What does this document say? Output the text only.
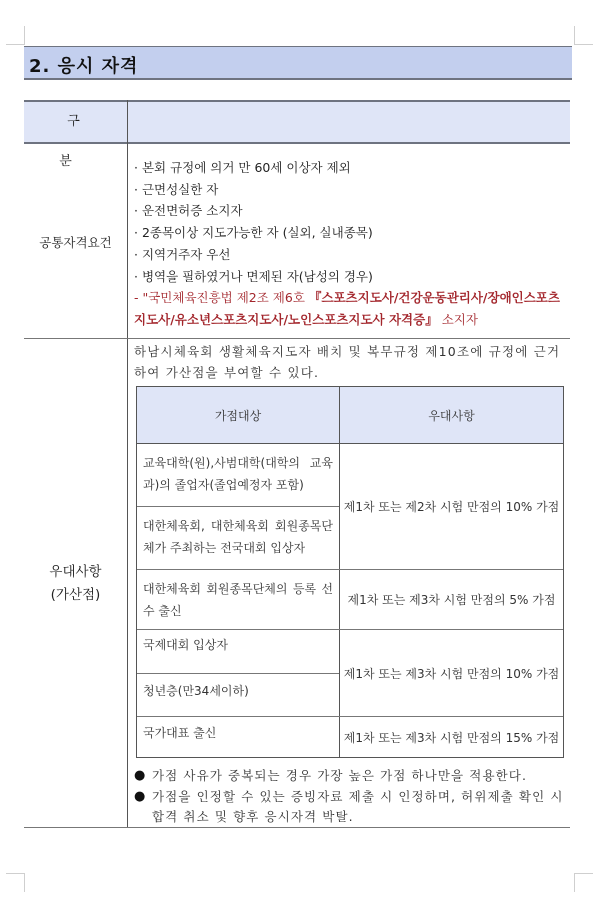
2. 응시 자격
구 분
공통자격요건
· 본회 규정에 의거 만 60세 이상자 제외
· 근면성실한 자
· 운전면허증 소지자
· 2종목이상 지도가능한 자 (실외, 실내종목)
· 지역거주자 우선
· 병역을 필하였거나 면제된 자(남성의 경우)
- "국민체육진흥법 제2조 제6호 『스포츠지도사/건강운동관리사/장애인스포츠지도사/유소년스포츠지도사/노인스포츠지도사 자격증』 소지자
우대사항
(가산점)
하남시체육회 생활체육지도자 배치 및 복무규정 제10조에 규정에 근거하여 가산점을 부여할 수 있다.
가점대상	우대사항
교육대학(원),사범대학(대학의 교육과)의 졸업자(졸업예정자 포함)
대한체육회, 대한체육회 회원종목단체가 주최하는 전국대회 입상자
대한체육회 회원종목단체의 등록 선수 출신
국제대회 입상자
청년층(만34세이하)
국가대표 출신
제1차 또는 제2차 시험 만점의 10% 가점
제1차 또는 제3차 시험 만점의 5% 가점
제1차 또는 제3차 시험 만점의 10% 가점
제1차 또는 제3차 시험 만점의 15% 가점
● 가점 사유가 중복되는 경우 가장 높은 가점 하나만을 적용한다.
● 가점을 인정할 수 있는 증빙자료 제출 시 인정하며, 허위제출 확인 시 합격 취소 및 향후 응시자격 박탈.
